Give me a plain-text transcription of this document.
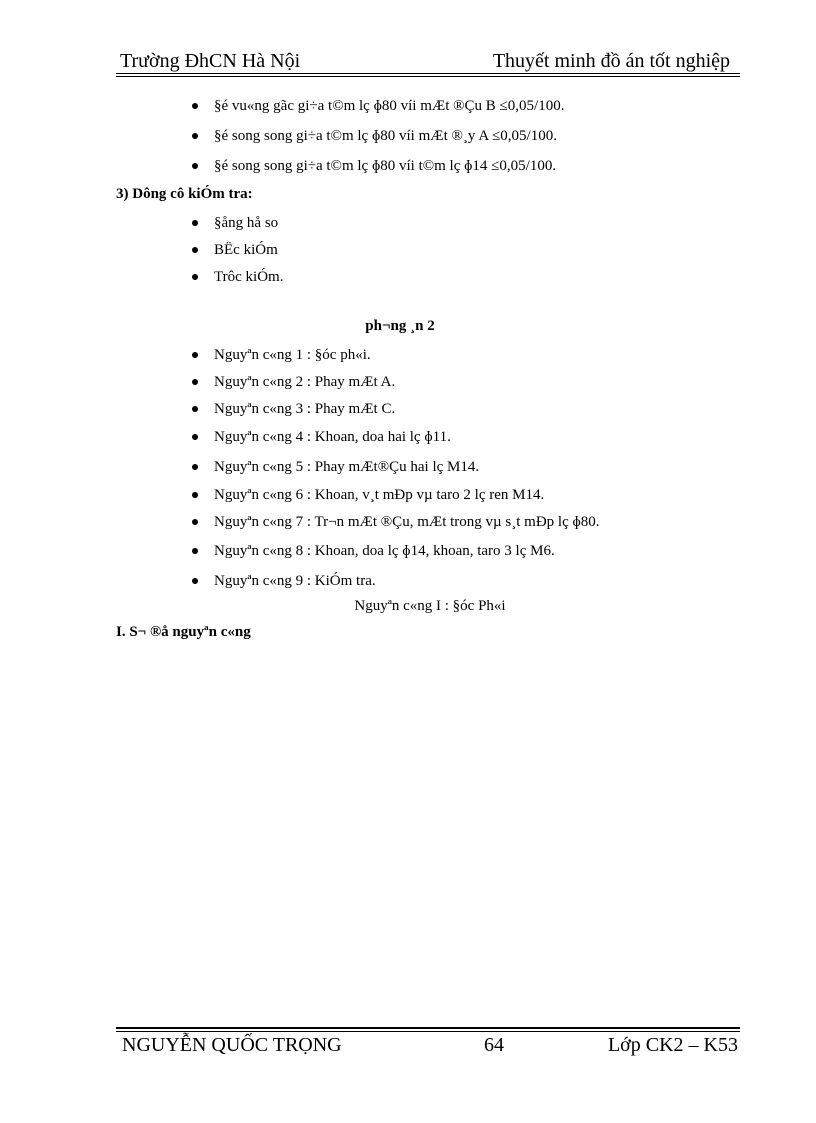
Trường ĐhCN Hà Nội	Thuyết minh đồ án tốt nghiệp
§é vu«ng gãc gi÷a t©m lç ɸ80 víi mÆt ®Çu B ≤0,05/100.
§é song song gi÷a t©m lç ɸ80 víi mÆt ®¸y A ≤0,05/100.
§é song song gi÷a t©m lç ɸ80 víi t©m lç ɸ14 ≤0,05/100.
3) Dông cô kiÓm tra:
§ång hå so
BËc kiÓm
Trôc kiÓm.
ph¬ng ¸n 2
Nguyªn c«ng 1 : §óc ph«i.
Nguyªn c«ng 2 : Phay mÆt A.
Nguyªn c«ng 3 : Phay mÆt C.
Nguyªn c«ng 4 : Khoan, doa hai lç ɸ11.
Nguyªn c«ng 5 : Phay mÆt®Çu hai lç M14.
Nguyªn c«ng 6 : Khoan, v¸t mÐp vµ taro 2 lç ren M14.
Nguyªn c«ng 7 : Tr¬n mÆt ®Çu, mÆt trong vµ s¸t mÐp lç ɸ80.
Nguyªn c«ng 8 : Khoan, doa lç ɸ14, khoan, taro 3 lç M6.
Nguyªn c«ng 9 : KiÓm tra.
Nguyªn c«ng I : §óc Ph«i
I. S¬ ®å nguyªn c«ng
NGUYỄN QUỐC TRỌNG	64	Lớp CK2 – K53
